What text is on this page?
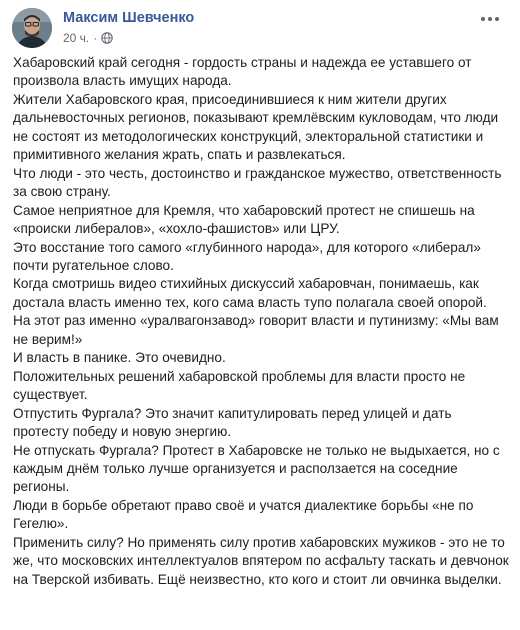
Максим Шевченко
20 ч. ·

Хабаровский край сегодня - гордость страны и надежда ее уставшего от произвола власть имущих народа.

Жители Хабаровского края, присоединившиеся к ним жители других дальневосточных регионов, показывают кремлёвским кукловодам, что люди не состоят из методологических конструкций, электоральной статистики и примитивного желания жрать, спать и развлекаться.

Что люди - это честь, достоинство и гражданское мужество, ответственность за свою страну.

Самое неприятное для Кремля, что хабаровский протест не спишешь на «происки либералов», «хохло-фашистов» или ЦРУ.

Это восстание того самого «глубинного народа», для которого «либерал» почти ругательное слово.

Когда смотришь видео стихийных дискуссий хабаровчан, понимаешь, как достала власть именно тех, кого сама власть тупо полагала своей опорой.

На этот раз именно «уралвагонзавод» говорит власти и путинизму: «Мы вам не верим!»

И власть в панике. Это очевидно.

Положительных решений хабаровской проблемы для власти просто не существует.

Отпустить Фургала? Это значит капитулировать перед улицей и дать протесту победу и новую энергию.

Не отпускать Фургала? Протест в Хабаровске не только не выдыхается, но с каждым днём только лучше организуется и расползается на соседние регионы.

Люди в борьбе обретают право своё и учатся диалектике борьбы «не по Гегелю».

Применить силу? Но применять силу против хабаровских мужиков - это не то же, что московских интеллектуалов впятером по асфальту таскать и девчонок на Тверской избивать. Ещё неизвестно, кто кого и стоит ли овчинка выделки.
